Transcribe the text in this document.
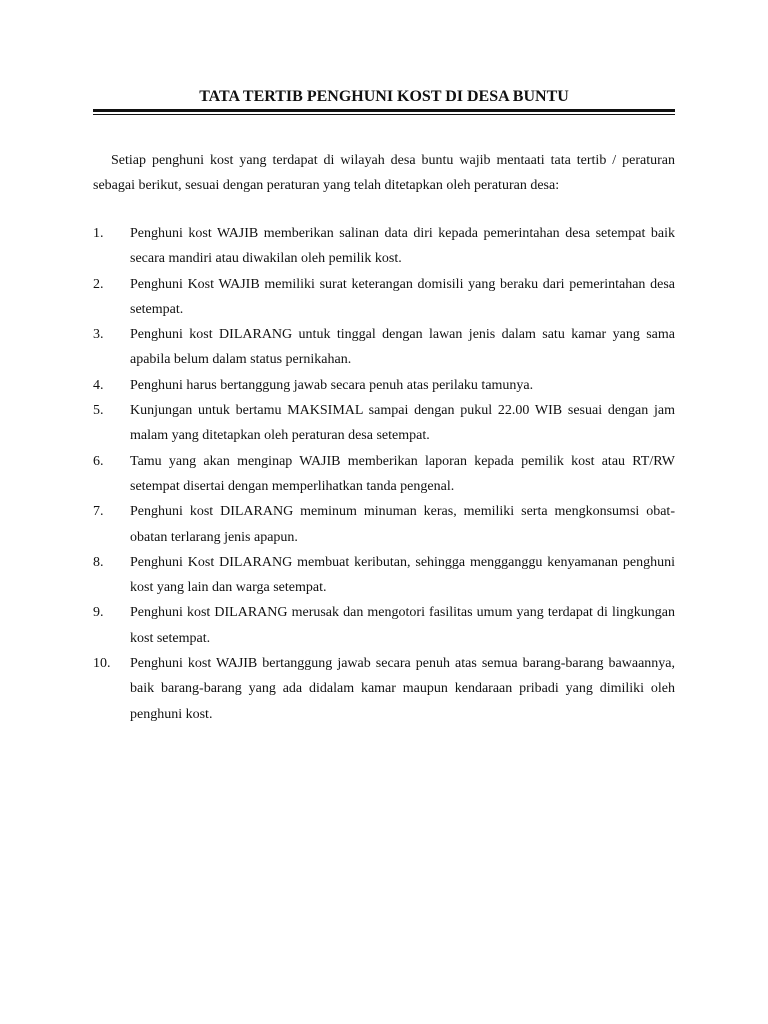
TATA TERTIB PENGHUNI KOST DI DESA BUNTU

Setiap penghuni kost yang terdapat di wilayah desa buntu wajib mentaati tata tertib / peraturan sebagai berikut, sesuai dengan peraturan yang telah ditetapkan oleh peraturan desa:

1.	Penghuni kost WAJIB memberikan salinan data diri kepada pemerintahan desa setempat baik secara mandiri atau diwakilan oleh pemilik kost.
2.	Penghuni Kost WAJIB memiliki surat keterangan domisili yang beraku dari pemerintahan desa setempat.
3.	Penghuni kost DILARANG untuk tinggal dengan lawan jenis dalam satu kamar yang sama apabila belum dalam status pernikahan.
4.	Penghuni harus bertanggung jawab secara penuh atas perilaku tamunya.
5.	Kunjungan untuk bertamu MAKSIMAL sampai dengan pukul 22.00 WIB sesuai dengan jam malam yang ditetapkan oleh peraturan desa setempat.
6.	Tamu yang akan menginap WAJIB memberikan laporan kepada pemilik kost atau RT/RW setempat disertai dengan memperlihatkan tanda pengenal.
7.	Penghuni kost DILARANG meminum minuman keras, memiliki serta mengkonsumsi obat-obatan terlarang jenis apapun.
8.	Penghuni Kost DILARANG membuat keributan, sehingga mengganggu kenyamanan penghuni kost yang lain dan warga setempat.
9.	Penghuni kost DILARANG merusak dan mengotori fasilitas umum yang terdapat di lingkungan kost setempat.
10.	Penghuni kost WAJIB bertanggung jawab secara penuh atas semua barang-barang bawaannya, baik barang-barang yang ada didalam kamar maupun kendaraan pribadi yang dimiliki oleh penghuni kost.
